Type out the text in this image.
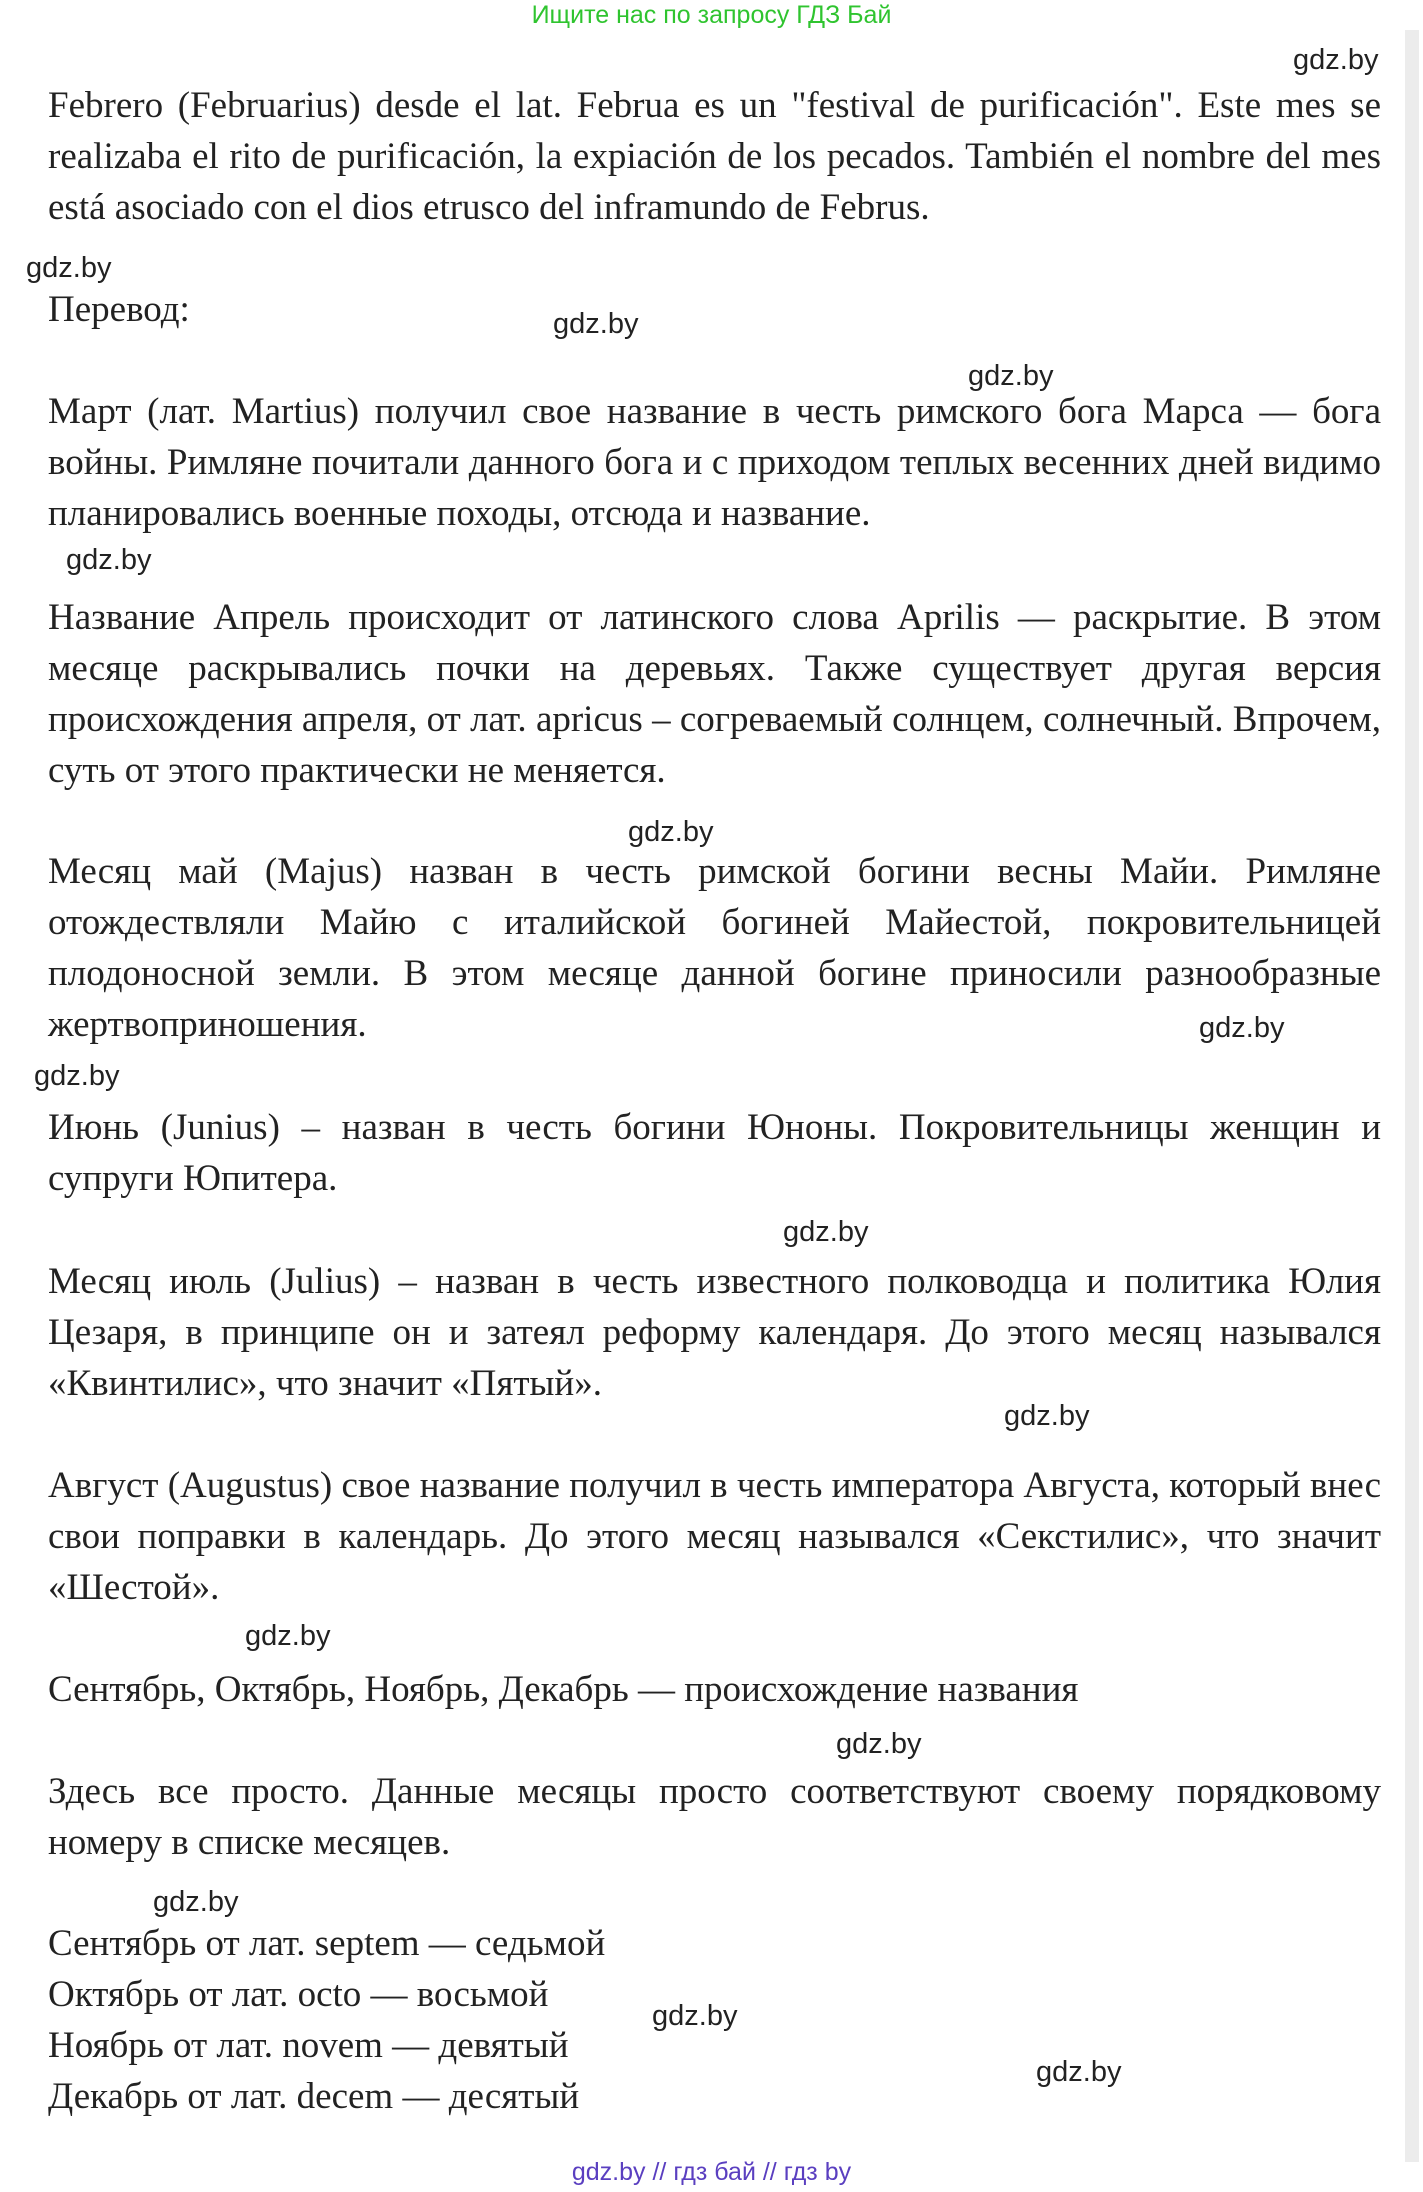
Ищите нас по запросу ГДЗ Бай
gdz.by
gdz.by
gdz.by
gdz.by
gdz.by
gdz.by
gdz.by
gdz.by
gdz.by
gdz.by
gdz.by
gdz.by
gdz.by
gdz.by
gdz.by

Febrero (Februarius) desde el lat. Februa es un "festival de purificación". Este mes se realizaba el rito de purificación, la expiación de los pecados. También el nombre del mes está asociado con el dios etrusco del inframundo de Februs.

Перевод:

Март (лат. Martius) получил свое название в честь римского бога Марса — бога войны. Римляне почитали данного бога и с приходом теплых весенних дней видимо планировались военные походы, отсюда и название.

Название Апрель происходит от латинского слова Aprilis — раскрытие. В этом месяце раскрывались почки на деревьях. Также существует другая версия происхождения апреля, от лат. apricus – согреваемый солнцем, солнечный. Впрочем, суть от этого практически не меняется.

Месяц май (Majus) назван в честь римской богини весны Майи. Римляне отождествляли Майю с италийской богиней Майестой, покровительницей плодоносной земли. В этом месяце данной богине приносили разнообразные жертвоприношения.

Июнь (Junius) – назван в честь богини Юноны. Покровительницы женщин и супруги Юпитера.

Месяц июль (Julius) – назван в честь известного полководца и политика Юлия Цезаря, в принципе он и затеял реформу календаря. До этого месяц назывался «Квинтилис», что значит «Пятый».

Август (Augustus) свое название получил в честь императора Августа, который внес свои поправки в календарь. До этого месяц назывался «Секстилис», что значит «Шестой».

Сентябрь, Октябрь, Ноябрь, Декабрь — происхождение названия

Здесь все просто. Данные месяцы просто соответствуют своему порядковому номеру в списке месяцев.

Сентябрь от лат. septem — седьмой
Октябрь от лат. octo — восьмой
Ноябрь от лат. novem — девятый
Декабрь от лат. decem — десятый
gdz.by // гдз бай // гдз by
